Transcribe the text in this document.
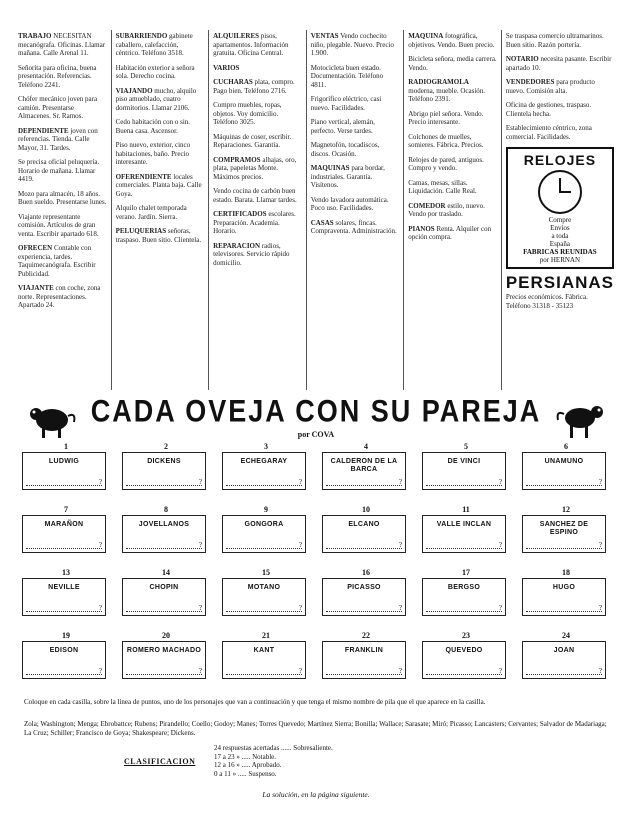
TRABAJO NECESITAN mecanógrafa. Oficinas. Llamar mañana. Calle Arenal 11.

Señorita para oficina, buena presentación. Referencias. Teléfono 2241.

Chófer mecánico joven para camión. Presentarse Almacenes. Sr. Ramos.

DEPENDIENTE joven con referencias. Tienda. Calle Mayor, 31. Tardes.

Se precisa oficial peluquería. Horario de mañana. Llamar 4419.

Mozo para almacén, 18 años. Buen sueldo. Presentarse lunes.

Viajante representante comisión. Artículos de gran venta. Escribir apartado 618.

OFRECEN Contable con experiencia, tardes. Taquimecanógrafa. Escribir Publicidad.

VIAJANTE con coche, zona norte. Representaciones. Apartado 24.

SUBARRIENDO gabinete caballero, calefacción, céntrico. Teléfono 3518.

Habitación exterior a señora sola. Derecho cocina.

VIAJANDO mucho, alquilo piso amueblado, cuatro dormitorios. Llamar 2106.

Cedo habitación con o sin. Buena casa. Ascensor.

Piso nuevo, exterior, cinco habitaciones, baño. Precio interesante.

OFERENDIENTE locales comerciales. Planta baja. Calle Goya.

Alquilo chalet temporada verano. Jardín. Sierra.

PELUQUERIAS señoras, traspaso. Buen sitio. Clientela.

ALQUILERES pisos, apartamentos. Información gratuita. Oficina Central.

VARIOS

CUCHARAS plata, compro. Pago bien. Teléfono 2716.

Compro muebles, ropas, objetos. Voy domicilio. Teléfono 3025.

Máquinas de coser, escribir. Reparaciones. Garantía.

COMPRAMOS alhajas, oro, plata, papeletas Monte. Máximos precios.

Vendo cocina de carbón buen estado. Barata. Llamar tardes.

CERTIFICADOS escolares. Preparación. Academia. Horario.

REPARACION radios, televisores. Servicio rápido domicilio.

VENTAS Vendo cochecito niño, plegable. Nuevo. Precio 1.900.

Motocicleta buen estado. Documentación. Teléfono 4811.

Frigorífico eléctrico, casi nuevo. Facilidades.

Piano vertical, alemán, perfecto. Verse tardes.

Magnetofón, tocadiscos, discos. Ocasión.

MAQUINAS para bordar, industriales. Garantía. Visítenos.

Vendo lavadora automática. Poco uso. Facilidades.

CASAS solares, fincas. Compraventa. Administración.

MAQUINA fotográfica, objetivos. Vendo. Buen precio.

Bicicleta señora, media carrera. Vendo.

RADIOGRAMOLA moderna, mueble. Ocasión. Teléfono 2391.

Abrigo piel señora. Vendo. Precio interesante.

Colchones de muelles, somieres. Fábrica. Precios.

Relojes de pared, antiguos. Compro y vendo.

Camas, mesas, sillas. Liquidación. Calle Real.

COMEDOR estilo, nuevo. Vendo por traslado.

PIANOS Renta. Alquiler con opción compra.

Se traspasa comercio ultramarinos. Buen sitio. Razón portería.

NOTARIO necesita pasante. Escribir apartado 10.

VENDEDORES para producto nuevo. Comisión alta.

Oficina de gestiones, traspaso. Clientela hecha.

Establecimiento céntrico, zona comercial. Facilidades.

RELOJES
Compre
Envíos
a toda
España
FABRICAS REUNIDAS
por HERNAN
PERSIANAS
Precios económicos. Fábrica. Teléfono 31318 - 35123
CADA OVEJA CON SU PAREJA
por COVA
1
LUDWIG
?
2
DICKENS
?
3
ECHEGARAY
?
4
CALDERON DE LA BARCA
?
5
DE VINCI
?
6
UNAMUNO
?
7
MARAÑON
?
8
JOVELLANOS
?
9
GONGORA
?
10
ELCANO
?
11
VALLE INCLAN
?
12
SANCHEZ DE ESPINO
?
13
NEVILLE
?
14
CHOPIN
?
15
MOTANO
?
16
PICASSO
?
17
BERGSO
?
18
HUGO
?
19
EDISON
?
20
ROMERO MACHADO
?
21
KANT
?
22
FRANKLIN
?
23
QUEVEDO
?
24
JOAN
?
Coloque en cada casilla, sobre la línea de puntos, uno de los personajes que van a continuación y que tenga el mismo nombre de pila que el que aparece en la casilla.
Zola; Washington; Menga; Ebrobattce; Rubens; Pirandello; Coello; Godoy; Manes; Torres Quevedo; Martínez Sierra; Bonilla; Wallace; Sarasate; Miró; Picasso; Lancasters; Cervantes; Salvador de Madariaga; La Cruz; Schiller; Francisco de Goya; Shakespeare; Dickens.
CLASIFICACION
24 respuestas acertadas ...... Sobresaliente.
17 a 23 » ..... Notable.
12 a 16 » ..... Aprobado.
0 a 11 » ..... Suspenso.
La solución, en la página siguiente.
